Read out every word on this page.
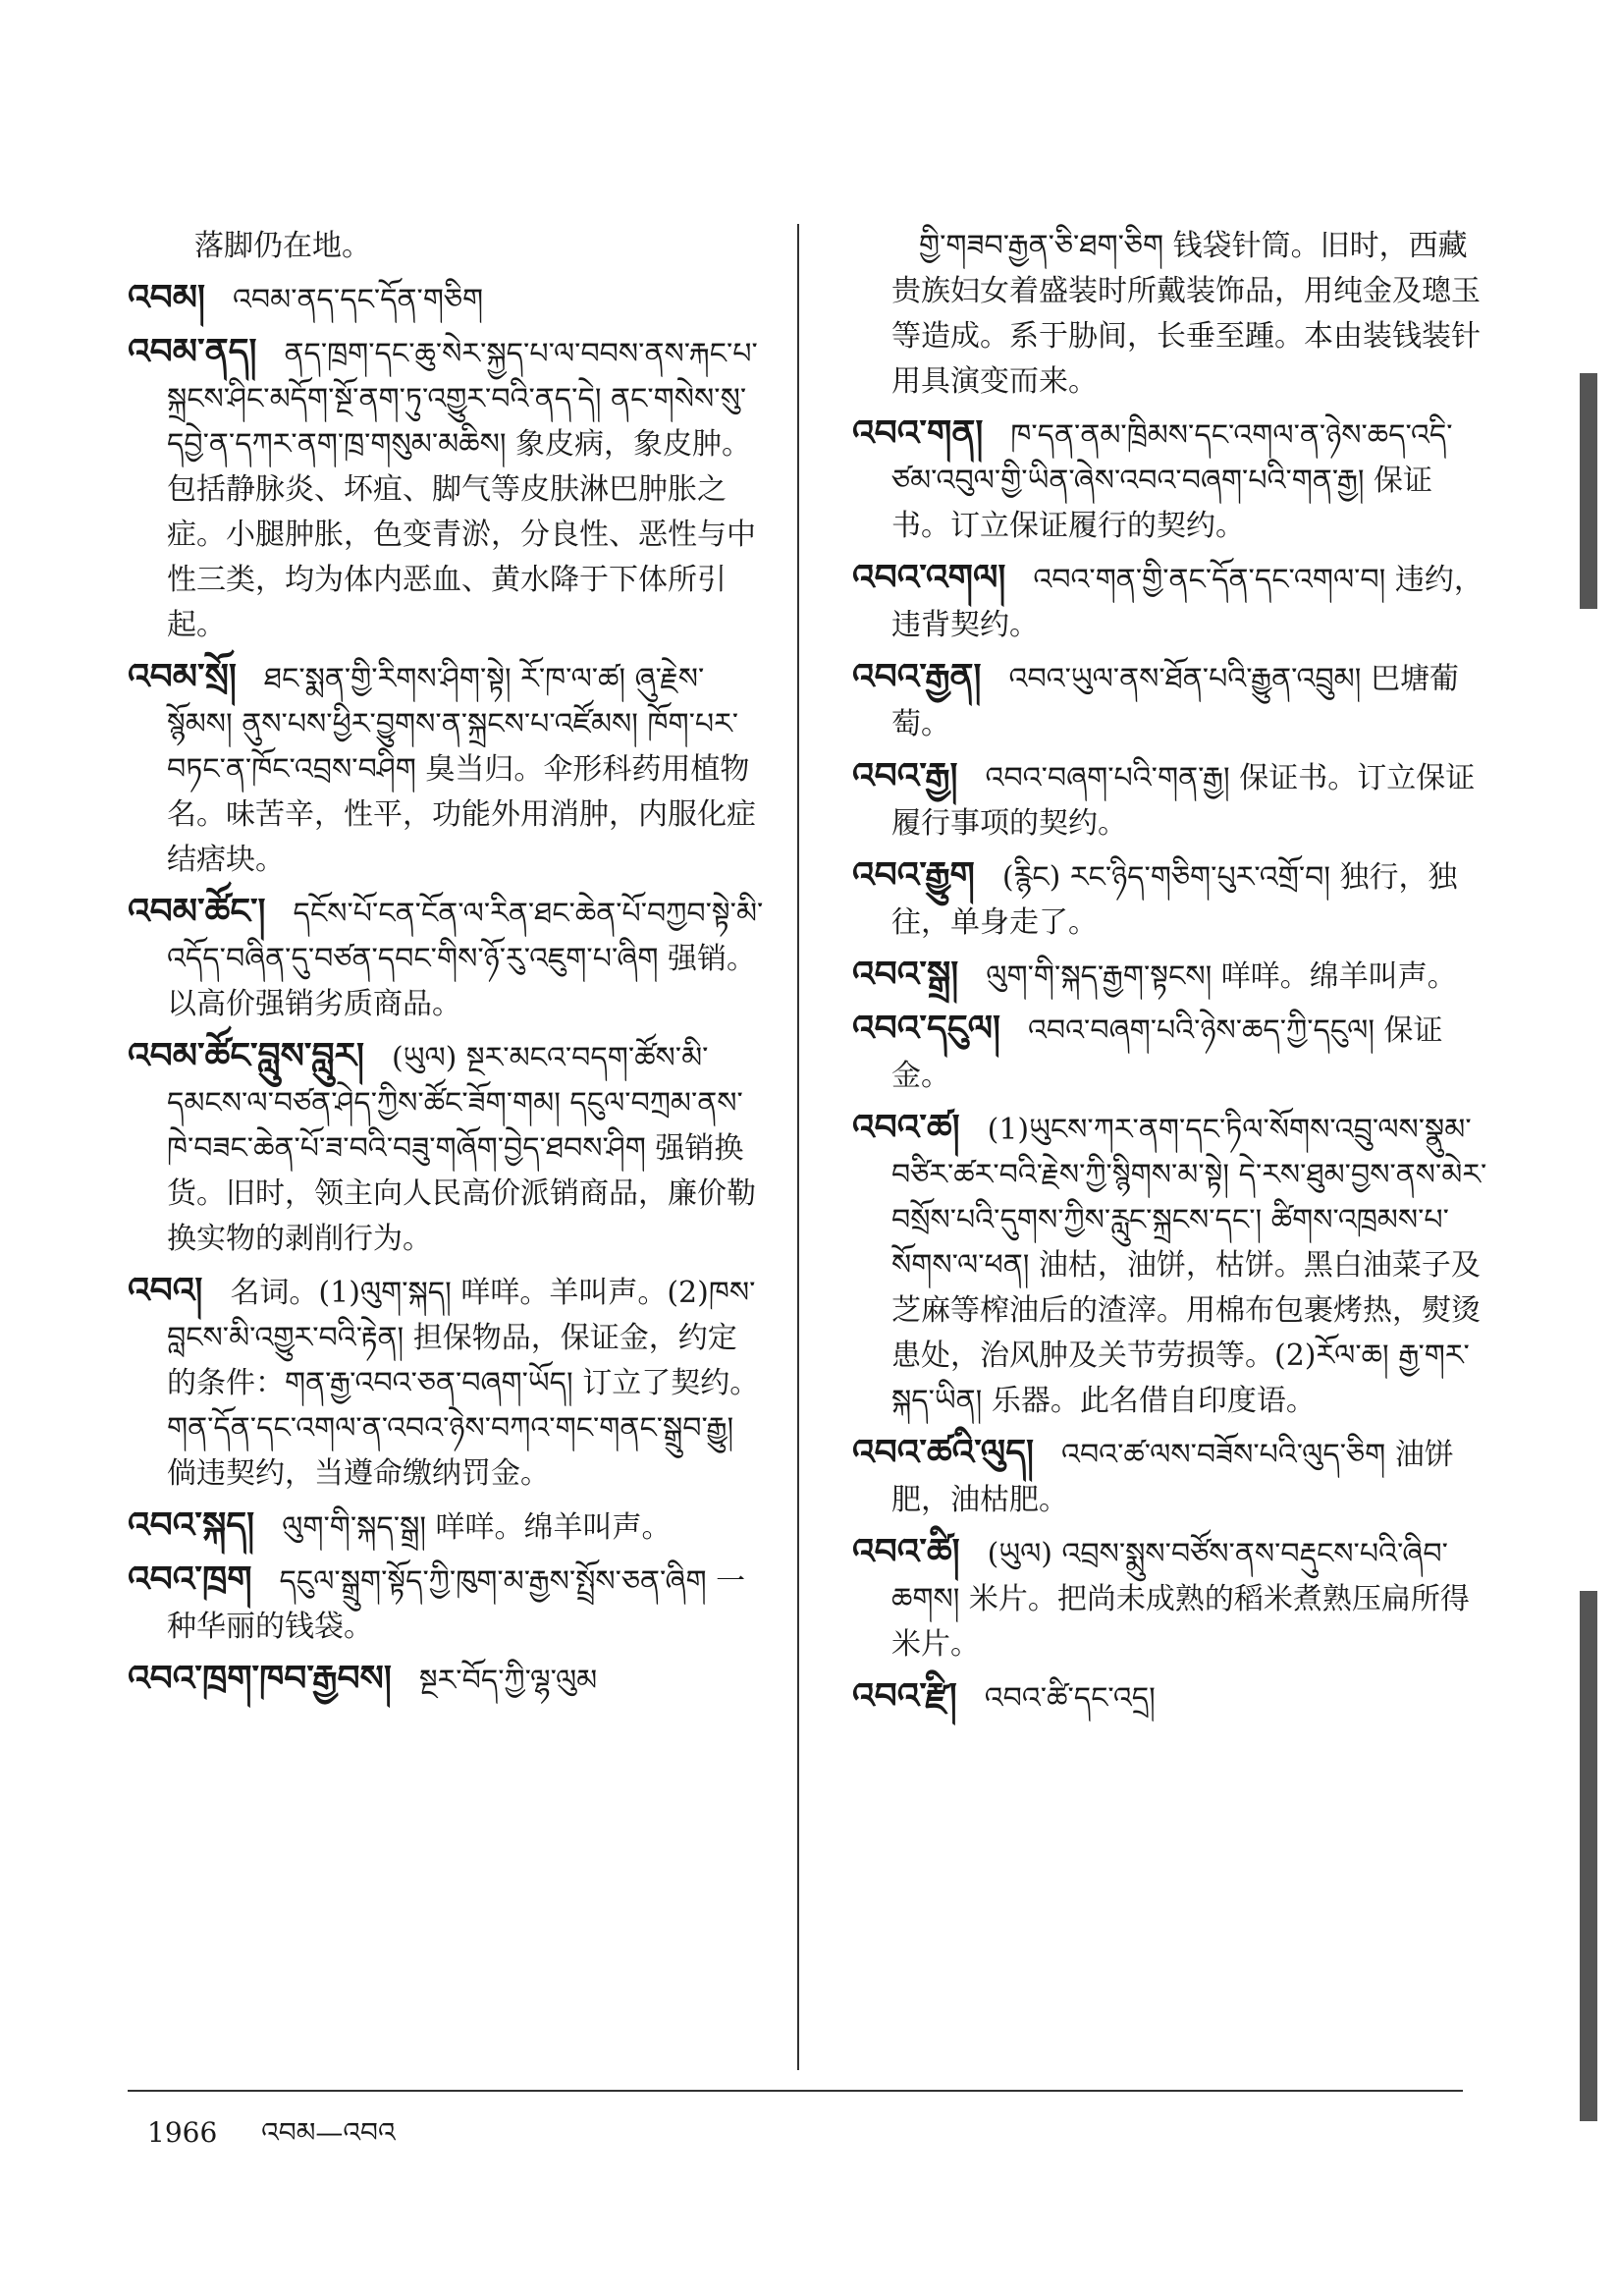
落脚仍在地。

འབམ། འབམ་ནད་དང་དོན་གཅིག

འབམ་ནད། ནད་ཁྲག་དང་ཆུ་སེར་སྐྱད་པ་ལ་བབས་ནས་རྐང་པ་སྐྲངས་ཤིང་མདོག་སྔོ་ནག་ཏུ་འགྱུར་བའི་ནད་དེ། ནང་གསེས་སུ་དབྱེ་ན་དཀར་ནག་ཁྲ་གསུམ་མཆིས། 象皮病，象皮肿。包括静脉炎、坏疽、脚气等皮肤淋巴肿胀之症。小腿肿胀，色变青淤，分良性、恶性与中性三类，均为体内恶血、黄水降于下体所引起。

འབམ་སྲོ། ཐང་སྨན་གྱི་རིགས་ཤིག་སྟེ། རོ་ཁ་ལ་ཚ། ཞུ་རྗེས་སྙོམས། ནུས་པས་ཕྱིར་བྱུགས་ན་སྐྲངས་པ་འཛོམས། ཁོག་པར་བཏང་ན་ཁོང་འབྲས་བཤིག 臭当归。伞形科药用植物名。味苦辛，性平，功能外用消肿，内服化症结痞块。

འབམ་ཚོང་། དངོས་པོ་ངན་ངོན་ལ་རིན་ཐང་ཆེན་པོ་བཀྱབ་སྟེ་མི་འདོད་བཞིན་དུ་བཙན་དབང་གིས་ཉོ་རུ་འཇུག་པ་ཞིག 强销。以高价强销劣质商品。

འབམ་ཚོང་བླུས་བླུར། (ཡུལ) སྔར་མངའ་བདག་ཚོས་མི་དམངས་ལ་བཙན་ཤེད་ཀྱིས་ཚོང་ཟོག་གམ། དངུལ་བཀྲམ་ནས་ཁེ་བཟང་ཆེན་པོ་ཟ་བའི་བཟུ་གཞོག་བྱེད་ཐབས་ཤིག 强销换货。旧时，领主向人民高价派销商品，廉价勒换实物的剥削行为。

འབའ། 名词。(1)ལུག་སྐད། 咩咩。羊叫声。(2)ཁས་བླངས་མི་འགྱུར་བའི་རྟེན། 担保物品，保证金，约定的条件：གན་རྒྱ་འབའ་ཅན་བཞག་ཡོད། 订立了契约。གན་དོན་དང་འགལ་ན་འབའ་ཉེས་བཀའ་གང་གནང་སྒྲུབ་རྒྱུ། 倘违契约，当遵命缴纳罚金。

འབའ་སྐད། ལུག་གི་སྐད་སྒྲ། 咩咩。绵羊叫声。

འབའ་ཁྲག དངུལ་སྒྲུག་སྟོད་ཀྱི་ཁུག་མ་རྒྱས་སྤྲོས་ཅན་ཞིག 一种华丽的钱袋。

འབའ་ཁྲག་ཁབ་རྒྱབས། སྔར་བོད་ཀྱི་ལྷ་ལུམ

གྱི་གཟབ་རྒྱན་ཅི་ཐག་ཅིག 钱袋针筒。旧时，西藏贵族妇女着盛装时所戴装饰品，用纯金及璁玉等造成。系于胁间，长垂至踵。本由装钱装针用具演变而来。

འབའ་གན། ཁ་དན་ནམ་ཁྲིམས་དང་འགལ་ན་ཉེས་ཆད་འདི་ཙམ་འབུལ་གྱི་ཡིན་ཞེས་འབའ་བཞག་པའི་གན་རྒྱ། 保证书。订立保证履行的契约。

འབའ་འགལ། འབའ་གན་གྱི་ནང་དོན་དང་འགལ་བ། 违约，违背契约。

འབའ་རྒྱན། འབའ་ཡུལ་ནས་ཐོན་པའི་རྒྱུན་འབྲུམ། 巴塘葡萄。

འབའ་རྒྱ། འབའ་བཞག་པའི་གན་རྒྱ། 保证书。订立保证履行事项的契约。

འབའ་རྒྱུག (རྙིང) རང་ཉིད་གཅིག་པུར་འགྲོ་བ། 独行，独往，单身走了。

འབའ་སྒྲ། ལུག་གི་སྐད་རྒྱག་སྟངས། 咩咩。绵羊叫声。

འབའ་དངུལ། འབའ་བཞག་པའི་ཉེས་ཆད་ཀྱི་དངུལ། 保证金。

འབའ་ཚ། (1)ཡུངས་ཀར་ནག་དང་ཏིལ་སོགས་འབྲུ་ལས་སྣུམ་བཙིར་ཚར་བའི་རྗེས་ཀྱི་སྙིགས་མ་སྟེ། དེ་རས་ཐུམ་བྱས་ནས་མེར་བསྲོས་པའི་དུགས་ཀྱིས་རླུང་སྐྲངས་དང་། ཚིགས་འཁྲམས་པ་སོགས་ལ་ཕན། 油枯，油饼，枯饼。黑白油菜子及芝麻等榨油后的渣滓。用棉布包裹烤热，熨烫患处，治风肿及关节劳损等。(2)རོལ་ཆ། རྒྱ་གར་སྐད་ཡིན། 乐器。此名借自印度语。

འབའ་ཚའི་ལུད། འབའ་ཚ་ལས་བཟོས་པའི་ལུད་ཅིག 油饼肥，油枯肥。

འབའ་ཚི། (ཡུལ) འབྲས་སྨུས་བཙོས་ནས་བརྡུངས་པའི་ཞིབ་ཆགས། 米片。把尚未成熟的稻米煮熟压扁所得米片。

འབའ་རྫི། འབའ་ཚི་དང་འདྲ།

1966 འབམ—འབའ
